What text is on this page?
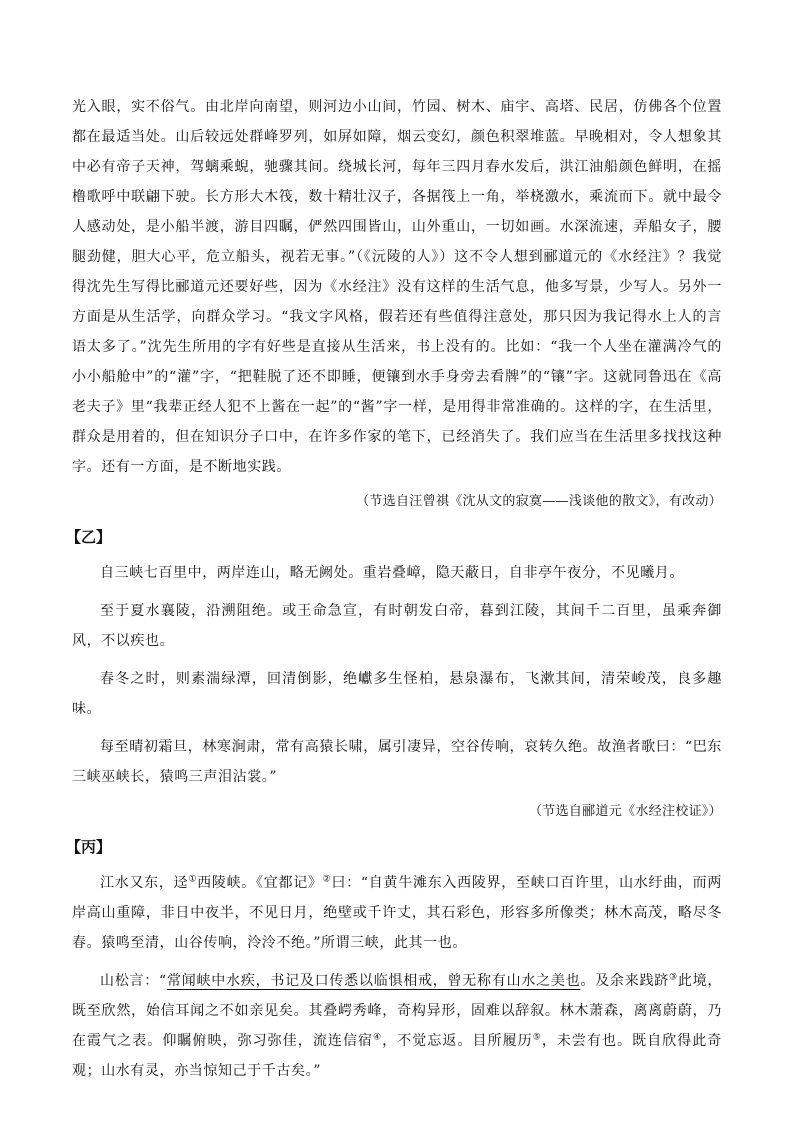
光入眼，实不俗气。由北岸向南望，则河边小山间，竹园、树木、庙宇、高塔、民居，仿佛各个位置都在最适当处。山后较远处群峰罗列，如屏如障，烟云变幻，颜色积翠堆蓝。早晚相对，令人想象其中必有帝子天神，驾螭乘蜺，驰骤其间。绕城长河，每年三四月春水发后，洪江油船颜色鲜明，在摇橹歌呼中联翩下驶。长方形大木筏，数十精壮汉子，各据筏上一角，举桡激水，乘流而下。就中最令人感动处，是小船半渡，游目四瞩，俨然四围皆山，山外重山，一切如画。水深流速，弄船女子，腰腿劲健，胆大心平，危立船头，视若无事。”（《沅陵的人》）这不令人想到郦道元的《水经注》？我觉得沈先生写得比郦道元还要好些，因为《水经注》没有这样的生活气息，他多写景，少写人。另外一方面是从生活学，向群众学习。“我文字风格，假若还有些值得注意处，那只因为我记得水上人的言语太多了。”沈先生所用的字有好些是直接从生活来，书上没有的。比如：“我一个人坐在灌满冷气的小小船舱中”的“灌”字，“把鞋脱了还不即睡，便镶到水手身旁去看牌”的“镶”字。这就同鲁迅在《高老夫子》里“我辈正经人犯不上酱在一起”的“酱”字一样，是用得非常准确的。这样的字，在生活里，群众是用着的，但在知识分子口中，在许多作家的笔下，已经消失了。我们应当在生活里多找找这种字。还有一方面，是不断地实践。

（节选自汪曾祺《沈从文的寂寞——浅谈他的散文》，有改动）

【乙】

自三峡七百里中，两岸连山，略无阙处。重岩叠嶂，隐天蔽日，自非亭午夜分，不见曦月。

至于夏水襄陵，沿溯阻绝。或王命急宣，有时朝发白帝，暮到江陵，其间千二百里，虽乘奔御风，不以疾也。

春冬之时，则素湍绿潭，回清倒影，绝巘多生怪柏，悬泉瀑布，飞漱其间，清荣峻茂，良多趣味。

每至晴初霜旦，林寒涧肃，常有高猿长啸，属引凄异，空谷传响，哀转久绝。故渔者歌曰：“巴东三峡巫峡长，猿鸣三声泪沾裳。”

（节选自郦道元《水经注校证》）

【丙】

江水又东，迳①西陵峡。《宜都记》②曰：“自黄牛滩东入西陵界，至峡口百许里，山水纡曲，而两岸高山重障，非日中夜半，不见日月，绝壁或千许丈，其石彩色，形容多所像类；林木高茂，略尽冬春。猿鸣至清，山谷传响，泠泠不绝。”所谓三峡，此其一也。

山松言：“常闻峡中水疾，书记及口传悉以临惧相戒，曾无称有山水之美也。及余来践跻③此境，既至欣然，始信耳闻之不如亲见矣。其叠崿秀峰，奇构异形，固难以辞叙。林木萧森，离离蔚蔚，乃在霞气之表。仰瞩俯映，弥习弥佳，流连信宿④，不觉忘返。目所履历⑤，未尝有也。既自欣得此奇观；山水有灵，亦当惊知己于千古矣。”
